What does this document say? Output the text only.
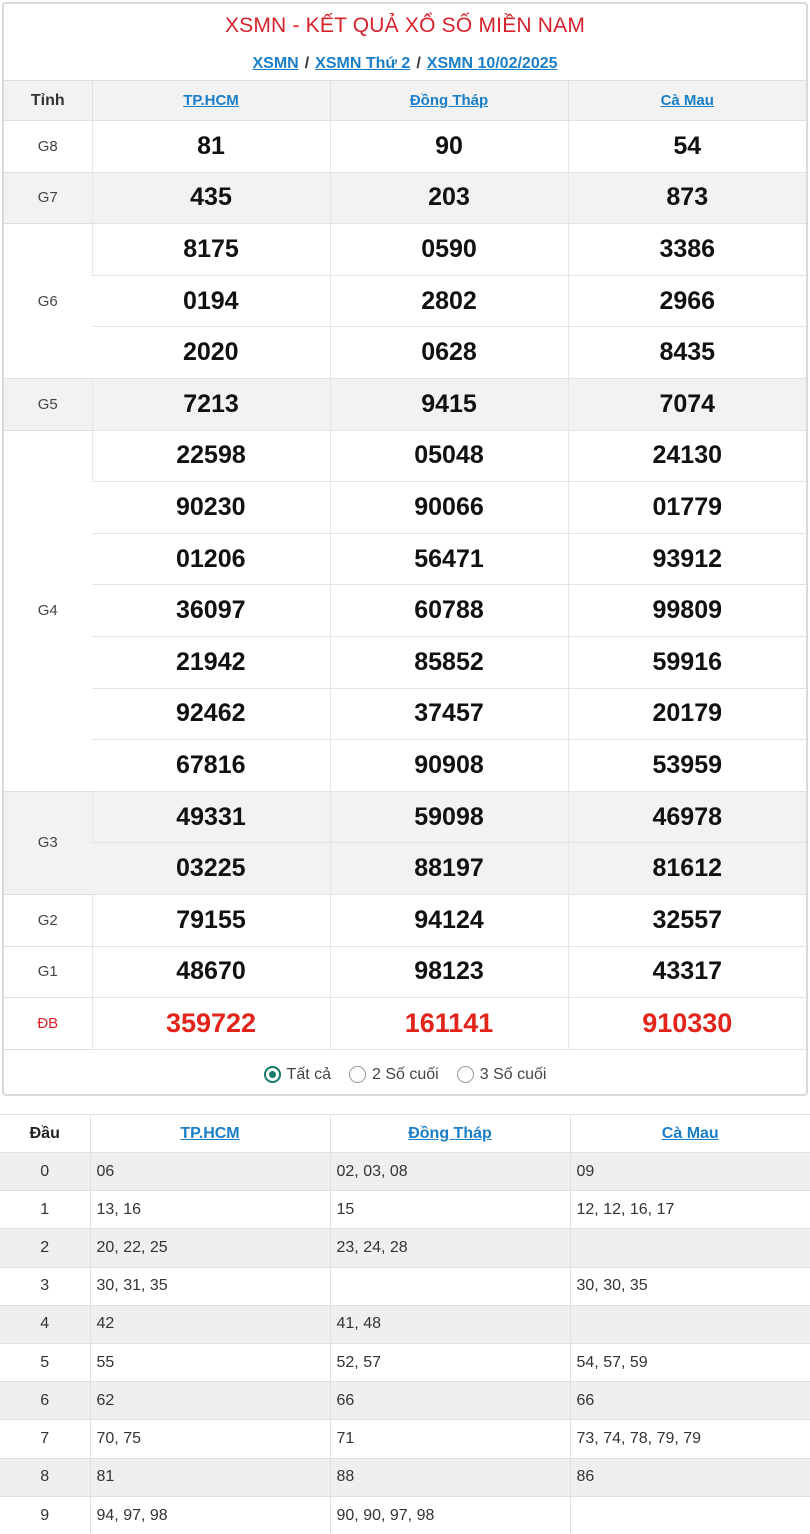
XSMN - KẾT QUẢ XỔ SỐ MIỀN NAM
XSMN / XSMN Thứ 2 / XSMN 10/02/2025
Tỉnh	TP.HCM	Đồng Tháp	Cà Mau
G8	81	90	54
G7	435	203	873
G6	8175	0590	3386
	0194	2802	2966
	2020	0628	8435
G5	7213	9415	7074
G4	22598	05048	24130
	90230	90066	01779
	01206	56471	93912
	36097	60788	99809
	21942	85852	59916
	92462	37457	20179
	67816	90908	53959
G3	49331	59098	46978
	03225	88197	81612
G2	79155	94124	32557
G1	48670	98123	43317
ĐB	359722	161141	910330
Tất cả	2 Số cuối	3 Số cuối
Đầu	TP.HCM	Đồng Tháp	Cà Mau
0	06	02, 03, 08	09
1	13, 16	15	12, 12, 16, 17
2	20, 22, 25	23, 24, 28	
3	30, 31, 35		30, 30, 35
4	42	41, 48	
5	55	52, 57	54, 57, 59
6	62	66	66
7	70, 75	71	73, 74, 78, 79, 79
8	81	88	86
9	94, 97, 98	90, 90, 97, 98	
